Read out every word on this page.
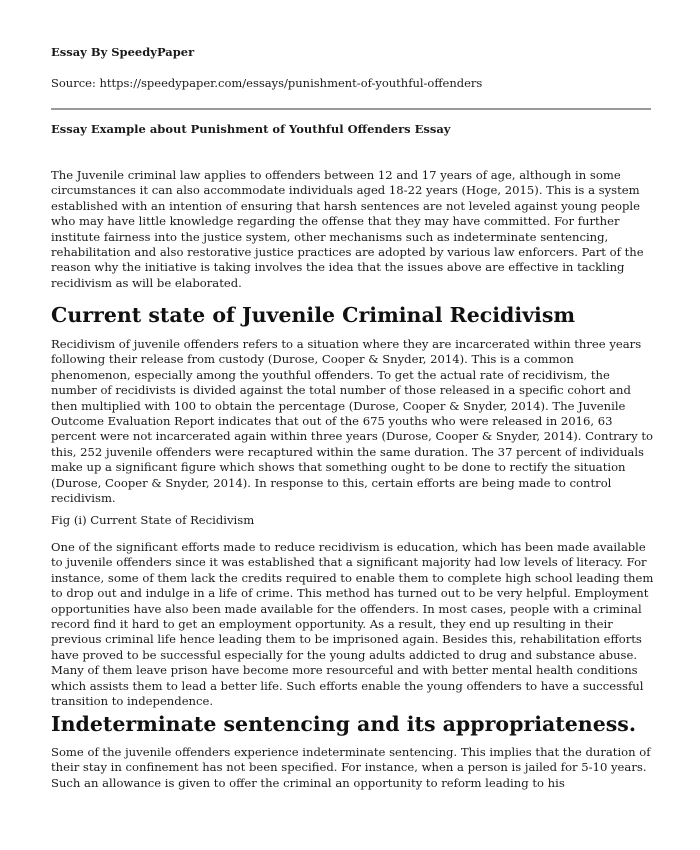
Essay By SpeedyPaper
Source: https://speedypaper.com/essays/punishment-of-youthful-offenders
Essay Example about Punishment of Youthful Offenders Essay

The Juvenile criminal law applies to offenders between 12 and 17 years of age, although in some circumstances it can also accommodate individuals aged 18-22 years (Hoge, 2015). This is a system established with an intention of ensuring that harsh sentences are not leveled against young people who may have little knowledge regarding the offense that they may have committed. For further institute fairness into the justice system, other mechanisms such as indeterminate sentencing, rehabilitation and also restorative justice practices are adopted by various law enforcers. Part of the reason why the initiative is taking involves the idea that the issues above are effective in tackling recidivism as will be elaborated.

Current state of Juvenile Criminal Recidivism

Recidivism of juvenile offenders refers to a situation where they are incarcerated within three years following their release from custody (Durose, Cooper & Snyder, 2014). This is a common phenomenon, especially among the youthful offenders. To get the actual rate of recidivism, the number of recidivists is divided against the total number of those released in a specific cohort and then multiplied with 100 to obtain the percentage (Durose, Cooper & Snyder, 2014). The Juvenile Outcome Evaluation Report indicates that out of the 675 youths who were released in 2016, 63 percent were not incarcerated again within three years (Durose, Cooper & Snyder, 2014). Contrary to this, 252 juvenile offenders were recaptured within the same duration. The 37 percent of individuals make up a significant figure which shows that something ought to be done to rectify the situation (Durose, Cooper & Snyder, 2014). In response to this, certain efforts are being made to control recidivism.

Fig (i) Current State of Recidivism

One of the significant efforts made to reduce recidivism is education, which has been made available to juvenile offenders since it was established that a significant majority had low levels of literacy. For instance, some of them lack the credits required to enable them to complete high school leading them to drop out and indulge in a life of crime. This method has turned out to be very helpful. Employment opportunities have also been made available for the offenders. In most cases, people with a criminal record find it hard to get an employment opportunity. As a result, they end up resulting in their previous criminal life hence leading them to be imprisoned again. Besides this, rehabilitation efforts have proved to be successful especially for the young adults addicted to drug and substance abuse. Many of them leave prison have become more resourceful and with better mental health conditions which assists them to lead a better life. Such efforts enable the young offenders to have a successful transition to independence.

Indeterminate sentencing and its appropriateness.

Some of the juvenile offenders experience indeterminate sentencing. This implies that the duration of their stay in confinement has not been specified. For instance, when a person is jailed for 5-10 years. Such an allowance is given to offer the criminal an opportunity to reform leading to his
